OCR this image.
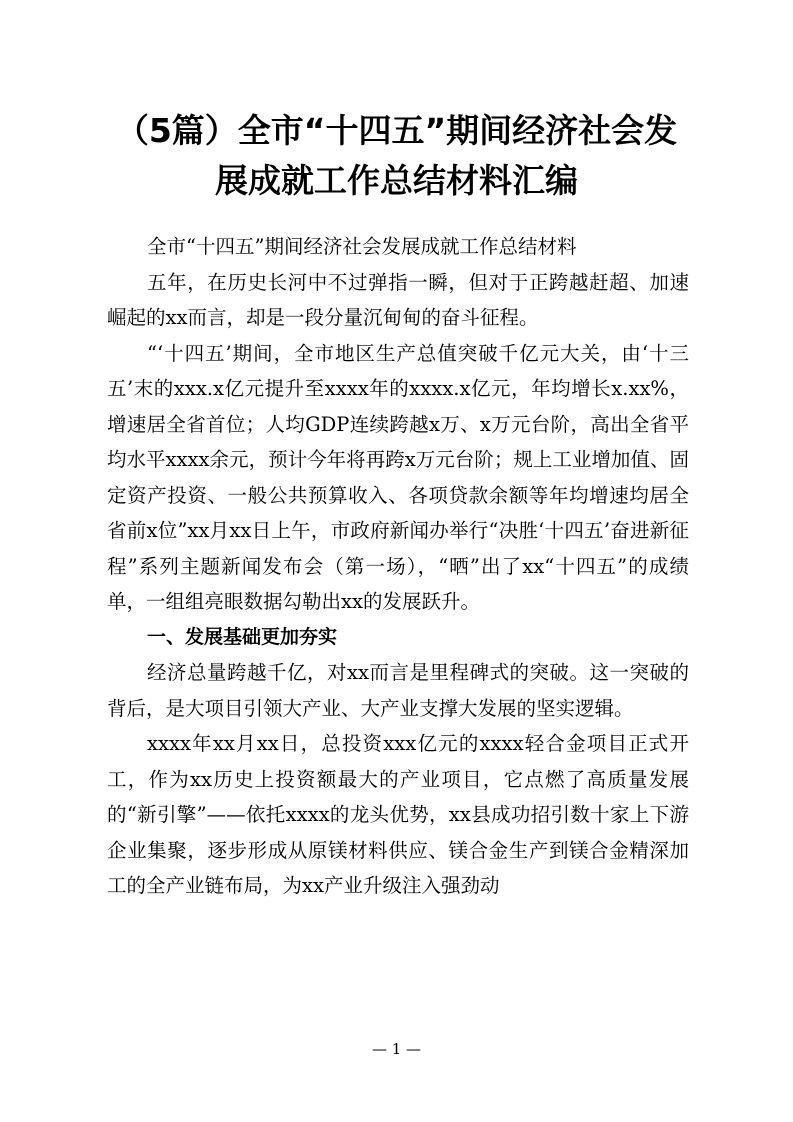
（5篇）全市“十四五”期间经济社会发
展成就工作总结材料汇编

全市“十四五”期间经济社会发展成就工作总结材料

五年，在历史长河中不过弹指一瞬，但对于正跨越赶超、加速崛起的xx而言，却是一段分量沉甸甸的奋斗征程。

“‘十四五’期间，全市地区生产总值突破千亿元大关，由‘十三五’末的xxx.x亿元提升至xxxx年的xxxx.x亿元，年均增长x.xx%，增速居全省首位；人均GDP连续跨越x万、x万元台阶，高出全省平均水平xxxx余元，预计今年将再跨x万元台阶；规上工业增加值、固定资产投资、一般公共预算收入、各项贷款余额等年均增速均居全省前x位”xx月xx日上午，市政府新闻办举行“决胜‘十四五’奋进新征程”系列主题新闻发布会（第一场），“晒”出了xx“十四五”的成绩单，一组组亮眼数据勾勒出xx的发展跃升。

一、发展基础更加夯实

经济总量跨越千亿，对xx而言是里程碑式的突破。这一突破的背后，是大项目引领大产业、大产业支撑大发展的坚实逻辑。

xxxx年xx月xx日，总投资xxx亿元的xxxx轻合金项目正式开工，作为xx历史上投资额最大的产业项目，它点燃了高质量发展的“新引擎”——依托xxxx的龙头优势，xx县成功招引数十家上下游企业集聚，逐步形成从原镁材料供应、镁合金生产到镁合金精深加工的全产业链布局，为xx产业升级注入强劲动

— 1 —
